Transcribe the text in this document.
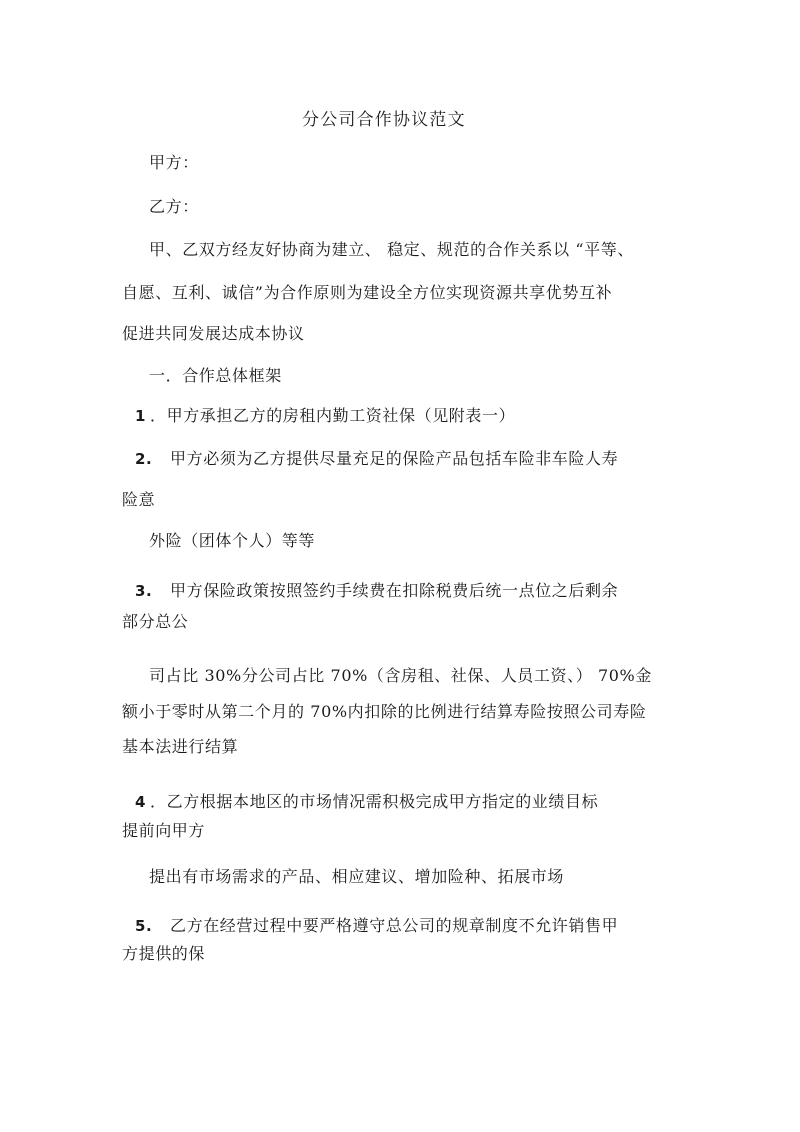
分公司合作协议范文
甲方：
乙方：
甲、乙双方经友好协商为建立、 稳定、规范的合作关系以 “平等、
自愿、互利、诚信”为合作原则为建设全方位实现资源共享优势互补
促进共同发展达成本协议
一．合作总体框架
1 ．甲方承担乙方的房租内勤工资社保（见附表一）
2. 甲方必须为乙方提供尽量充足的保险产品包括车险非车险人寿
险意
外险（团体个人）等等
3. 甲方保险政策按照签约手续费在扣除税费后统一点位之后剩余
部分总公
司占比 30%分公司占比 70%（含房租、社保、人员工资、） 70%金
额小于零时从第二个月的 70%内扣除的比例进行结算寿险按照公司寿险
基本法进行结算
4 ．乙方根据本地区的市场情况需积极完成甲方指定的业绩目标
提前向甲方
提出有市场需求的产品、相应建议、增加险种、拓展市场
5. 乙方在经营过程中要严格遵守总公司的规章制度不允许销售甲
方提供的保
